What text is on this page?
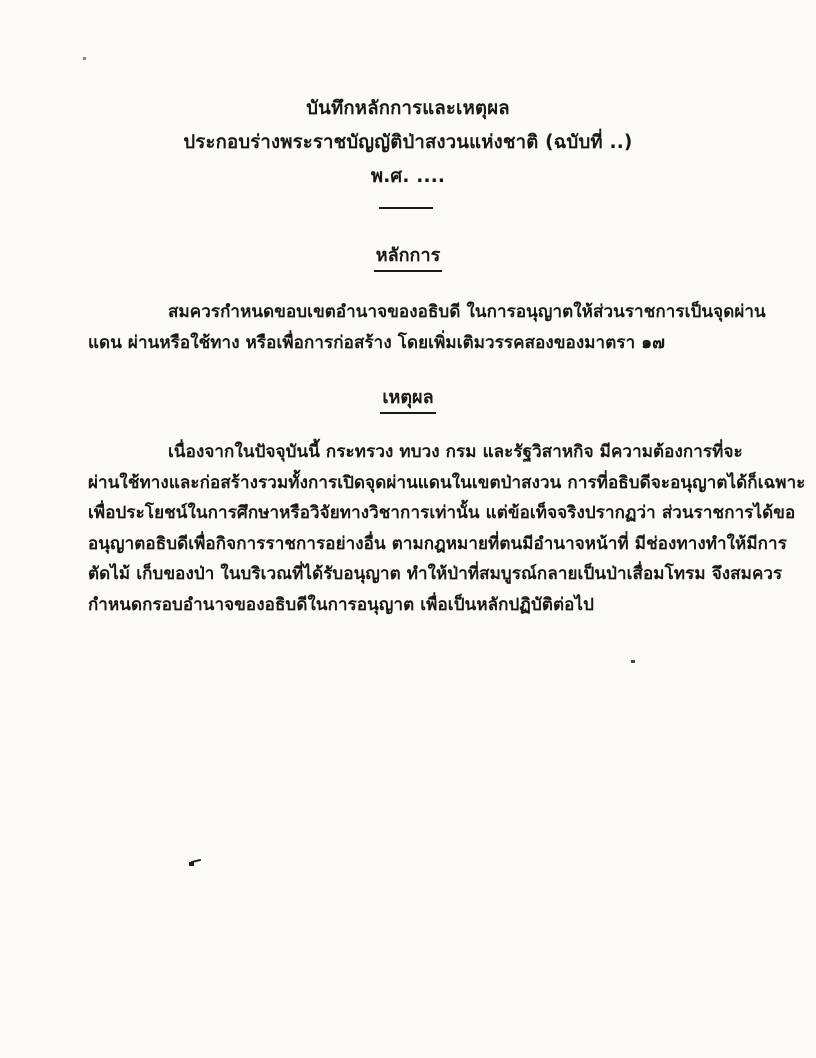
บันทึกหลักการและเหตุผล
ประกอบร่างพระราชบัญญัติป่าสงวนแห่งชาติ (ฉบับที่ ..)
พ.ศ. ....
หลักการ
สมควรกำหนดขอบเขตอำนาจของอธิบดี ในการอนุญาตให้ส่วนราชการเป็นจุดผ่าน
แดน ผ่านหรือใช้ทาง หรือเพื่อการก่อสร้าง โดยเพิ่มเติมวรรคสองของมาตรา ๑๗
เหตุผล
เนื่องจากในปัจจุบันนี้ กระทรวง ทบวง กรม และรัฐวิสาหกิจ มีความต้องการที่จะ
ผ่านใช้ทางและก่อสร้างรวมทั้งการเปิดจุดผ่านแดนในเขตป่าสงวน การที่อธิบดีจะอนุญาตได้ก็เฉพาะ
เพื่อประโยชน์ในการศึกษาหรือวิจัยทางวิชาการเท่านั้น แต่ข้อเท็จจริงปรากฏว่า ส่วนราชการได้ขอ
อนุญาตอธิบดีเพื่อกิจการราชการอย่างอื่น ตามกฎหมายที่ตนมีอำนาจหน้าที่ มีช่องทางทำให้มีการ
ตัดไม้ เก็บของป่า ในบริเวณที่ได้รับอนุญาต ทำให้ป่าที่สมบูรณ์กลายเป็นป่าเสื่อมโทรม จึงสมควร
กำหนดกรอบอำนาจของอธิบดีในการอนุญาต เพื่อเป็นหลักปฏิบัติต่อไป
